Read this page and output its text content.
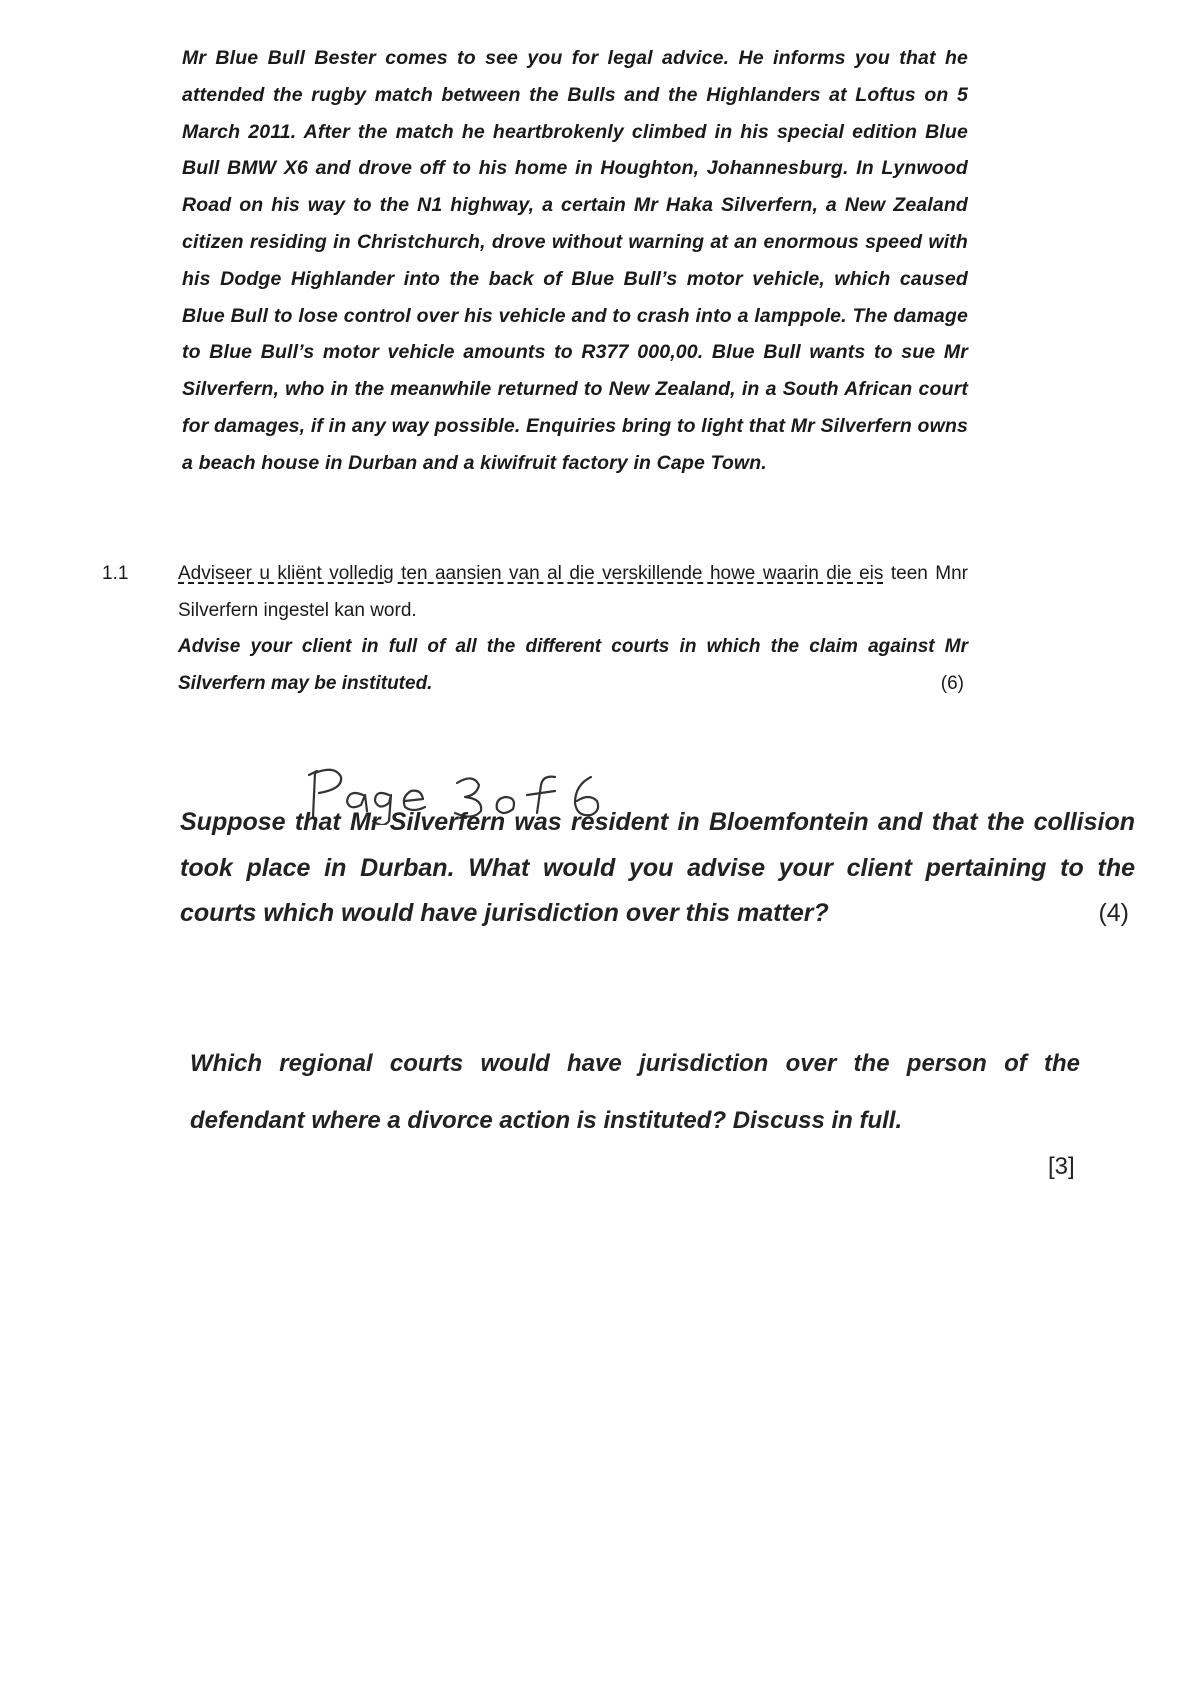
Mr Blue Bull Bester comes to see you for legal advice. He informs you that he attended the rugby match between the Bulls and the Highlanders at Loftus on 5 March 2011. After the match he heartbrokenly climbed in his special edition Blue Bull BMW X6 and drove off to his home in Houghton, Johannesburg. In Lynwood Road on his way to the N1 highway, a certain Mr Haka Silverfern, a New Zealand citizen residing in Christchurch, drove without warning at an enormous speed with his Dodge Highlander into the back of Blue Bull’s motor vehicle, which caused Blue Bull to lose control over his vehicle and to crash into a lamppole. The damage to Blue Bull’s motor vehicle amounts to R377 000,00. Blue Bull wants to sue Mr Silverfern, who in the meanwhile returned to New Zealand, in a South African court for damages, if in any way possible. Enquiries bring to light that Mr Silverfern owns a beach house in Durban and a kiwifruit factory in Cape Town.

1.1	Adviseer u kliënt volledig ten aansien van al die verskillende howe waarin die eis teen Mnr Silverfern ingestel kan word.
Advise your client in full of all the different courts in which the claim against Mr Silverfern may be instituted.	(6)
Page 3 of 6

Suppose that Mr Silverfern was resident in Bloemfontein and that the collision took place in Durban. What would you advise your client pertaining to the courts which would have jurisdiction over this matter?	(4)

Which regional courts would have jurisdiction over the person of the defendant where a divorce action is instituted? Discuss in full.

[3]
